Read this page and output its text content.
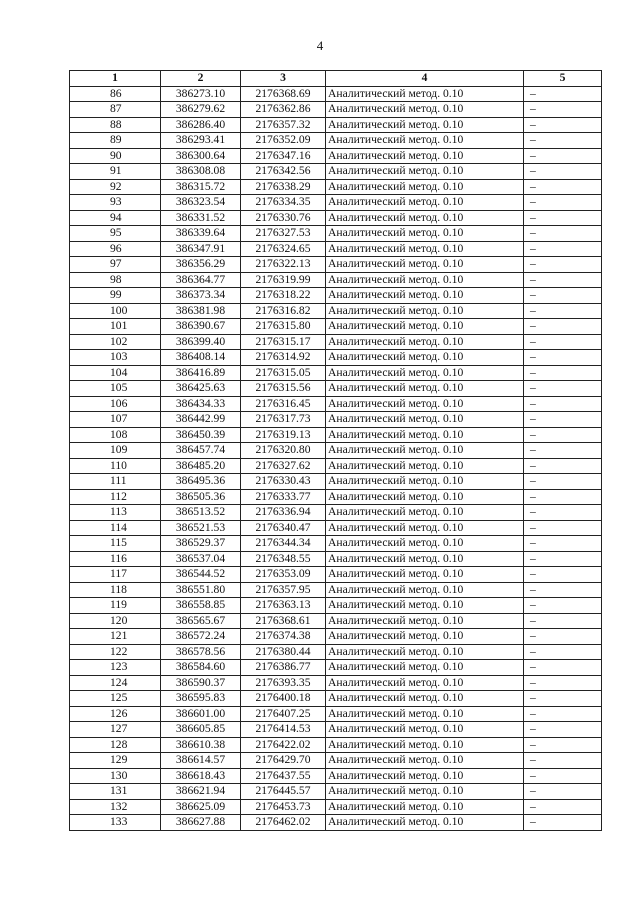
4
1	2	3	4	5
86	386273.10	2176368.69	Аналитический метод. 0.10	–
87	386279.62	2176362.86	Аналитический метод. 0.10	–
88	386286.40	2176357.32	Аналитический метод. 0.10	–
89	386293.41	2176352.09	Аналитический метод. 0.10	–
90	386300.64	2176347.16	Аналитический метод. 0.10	–
91	386308.08	2176342.56	Аналитический метод. 0.10	–
92	386315.72	2176338.29	Аналитический метод. 0.10	–
93	386323.54	2176334.35	Аналитический метод. 0.10	–
94	386331.52	2176330.76	Аналитический метод. 0.10	–
95	386339.64	2176327.53	Аналитический метод. 0.10	–
96	386347.91	2176324.65	Аналитический метод. 0.10	–
97	386356.29	2176322.13	Аналитический метод. 0.10	–
98	386364.77	2176319.99	Аналитический метод. 0.10	–
99	386373.34	2176318.22	Аналитический метод. 0.10	–
100	386381.98	2176316.82	Аналитический метод. 0.10	–
101	386390.67	2176315.80	Аналитический метод. 0.10	–
102	386399.40	2176315.17	Аналитический метод. 0.10	–
103	386408.14	2176314.92	Аналитический метод. 0.10	–
104	386416.89	2176315.05	Аналитический метод. 0.10	–
105	386425.63	2176315.56	Аналитический метод. 0.10	–
106	386434.33	2176316.45	Аналитический метод. 0.10	–
107	386442.99	2176317.73	Аналитический метод. 0.10	–
108	386450.39	2176319.13	Аналитический метод. 0.10	–
109	386457.74	2176320.80	Аналитический метод. 0.10	–
110	386485.20	2176327.62	Аналитический метод. 0.10	–
111	386495.36	2176330.43	Аналитический метод. 0.10	–
112	386505.36	2176333.77	Аналитический метод. 0.10	–
113	386513.52	2176336.94	Аналитический метод. 0.10	–
114	386521.53	2176340.47	Аналитический метод. 0.10	–
115	386529.37	2176344.34	Аналитический метод. 0.10	–
116	386537.04	2176348.55	Аналитический метод. 0.10	–
117	386544.52	2176353.09	Аналитический метод. 0.10	–
118	386551.80	2176357.95	Аналитический метод. 0.10	–
119	386558.85	2176363.13	Аналитический метод. 0.10	–
120	386565.67	2176368.61	Аналитический метод. 0.10	–
121	386572.24	2176374.38	Аналитический метод. 0.10	–
122	386578.56	2176380.44	Аналитический метод. 0.10	–
123	386584.60	2176386.77	Аналитический метод. 0.10	–
124	386590.37	2176393.35	Аналитический метод. 0.10	–
125	386595.83	2176400.18	Аналитический метод. 0.10	–
126	386601.00	2176407.25	Аналитический метод. 0.10	–
127	386605.85	2176414.53	Аналитический метод. 0.10	–
128	386610.38	2176422.02	Аналитический метод. 0.10	–
129	386614.57	2176429.70	Аналитический метод. 0.10	–
130	386618.43	2176437.55	Аналитический метод. 0.10	–
131	386621.94	2176445.57	Аналитический метод. 0.10	–
132	386625.09	2176453.73	Аналитический метод. 0.10	–
133	386627.88	2176462.02	Аналитический метод. 0.10	–
